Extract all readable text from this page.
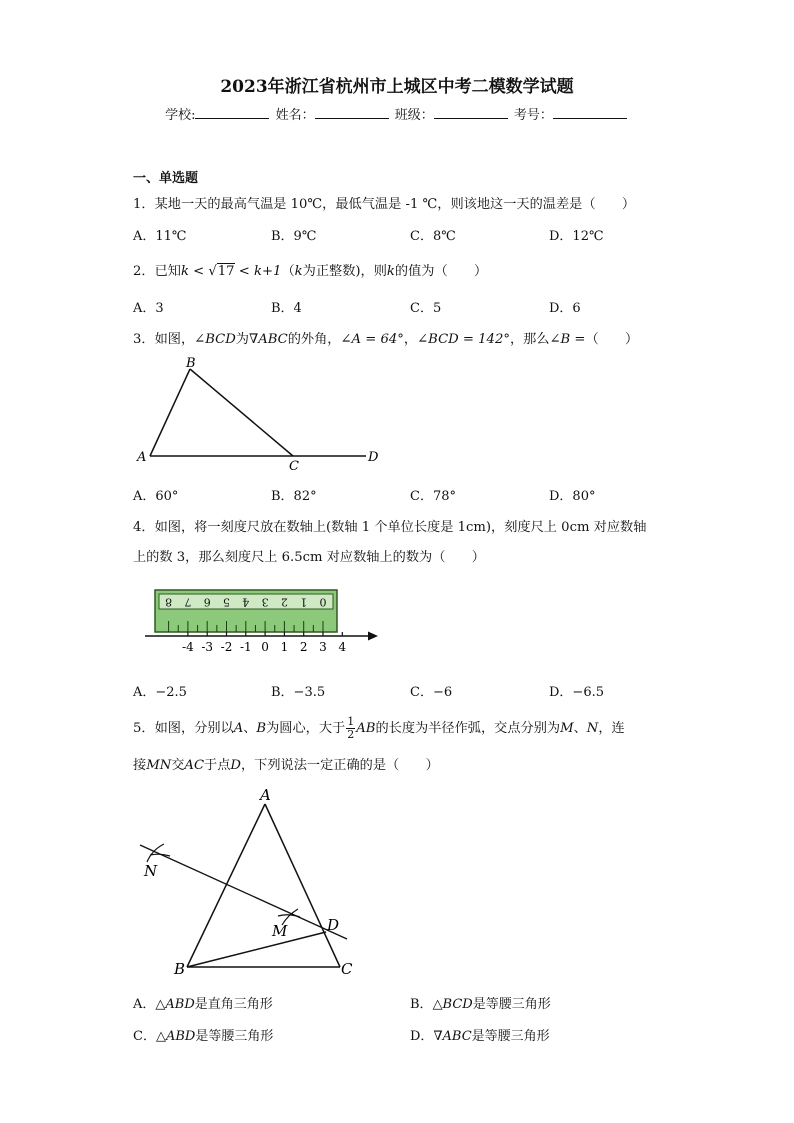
2023年浙江省杭州市上城区中考二模数学试题
学校:	姓名：	班级：	考号：
一、单选题
1．某地一天的最高气温是 10℃，最低气温是 -1 ℃，则该地这一天的温差是（　　）
A．11℃	B．9℃	C．8℃	D．12℃
2．已知k < √17 < k+1（k为正整数)，则k的值为（　　）
A．3	B．4	C．5	D．6
3．如图，∠BCD为∇ABC的外角，∠A = 64°，∠BCD = 142°，那么∠B =（　　）
A
B
C
D
A．60°	B．82°	C．78°	D．80°
4．如图，将一刻度尺放在数轴上(数轴 1 个单位长度是 1cm)，刻度尺上 0cm 对应数轴
上的数 3，那么刻度尺上 6.5cm 对应数轴上的数为（　　）
0
1
2
3
4
5
6
7
8
-4 -3 -2 -1 0 1 2 3 4
A．−2.5	B．−3.5	C．−6	D．−6.5
5．如图，分别以A、B为圆心，大于 $\frac{1}{2}$ AB的长度为半径作弧，交点分别为M、N，连
接MN交AC于点D，下列说法一定正确的是（　　）
A
B	C
D
M
N
A．△ABD是直角三角形	B．△BCD是等腰三角形
C．△ABD是等腰三角形	D．∇ABC是等腰三角形
